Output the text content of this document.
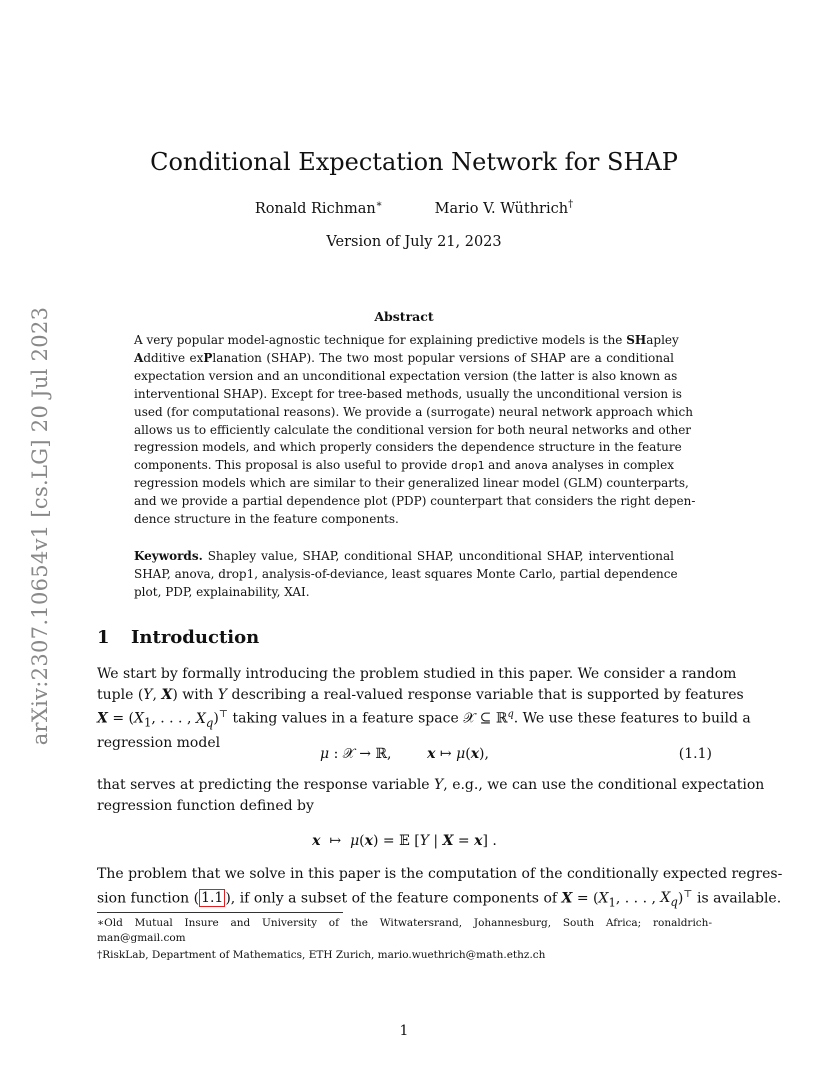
Conditional Expectation Network for SHAP
Ronald Richman∗	Mario V. Wüthrich†
Version of July 21, 2023
arXiv:2307.10654v1 [cs.LG] 20 Jul 2023	Abstract
A very popular model-agnostic technique for explaining predictive models is the SHapley
Additive exPlanation (SHAP). The two most popular versions of SHAP are a conditional
expectation version and an unconditional expectation version (the latter is also known as
interventional SHAP). Except for tree-based methods, usually the unconditional version is
used (for computational reasons). We provide a (surrogate) neural network approach which
allows us to efficiently calculate the conditional version for both neural networks and other
regression models, and which properly considers the dependence structure in the feature
components. This proposal is also useful to provide drop1 and anova analyses in complex
regression models which are similar to their generalized linear model (GLM) counterparts,
and we provide a partial dependence plot (PDP) counterpart that considers the right depen-
dence structure in the feature components.
Keywords. Shapley value, SHAP, conditional SHAP, unconditional SHAP, interventional
SHAP, anova, drop1, analysis-of-deviance, least squares Monte Carlo, partial dependence
plot, PDP, explainability, XAI.
1 Introduction
We start by formally introducing the problem studied in this paper. We consider a random
tuple (Y, X) with Y describing a real-valued response variable that is supported by features
$X = (X_1$, . . . , $X_q)^⊤$ taking values in a feature space 𝒳 ⊆ ℝ$^q$. We use these features to build a
regression model
μ : 𝒳 → ℝ,        x ↦ μ(x),	(1.1)
that serves at predicting the response variable Y, e.g., we can use the conditional expectation
regression function defined by
x  ↦  μ(x) = 𝔼 [Y | X = x] .
The problem that we solve in this paper is the computation of the conditionally expected regres-
sion function ( 1.1 ), if only a subset of the feature components of $X = (X_1$, . . . , $X_q)^⊤$ is available.
∗Old Mutual Insure and University of the Witwatersrand, Johannesburg, South Africa; ronaldrich-
man@gmail.com
†RiskLab, Department of Mathematics, ETH Zurich, mario.wuethrich@math.ethz.ch
1
